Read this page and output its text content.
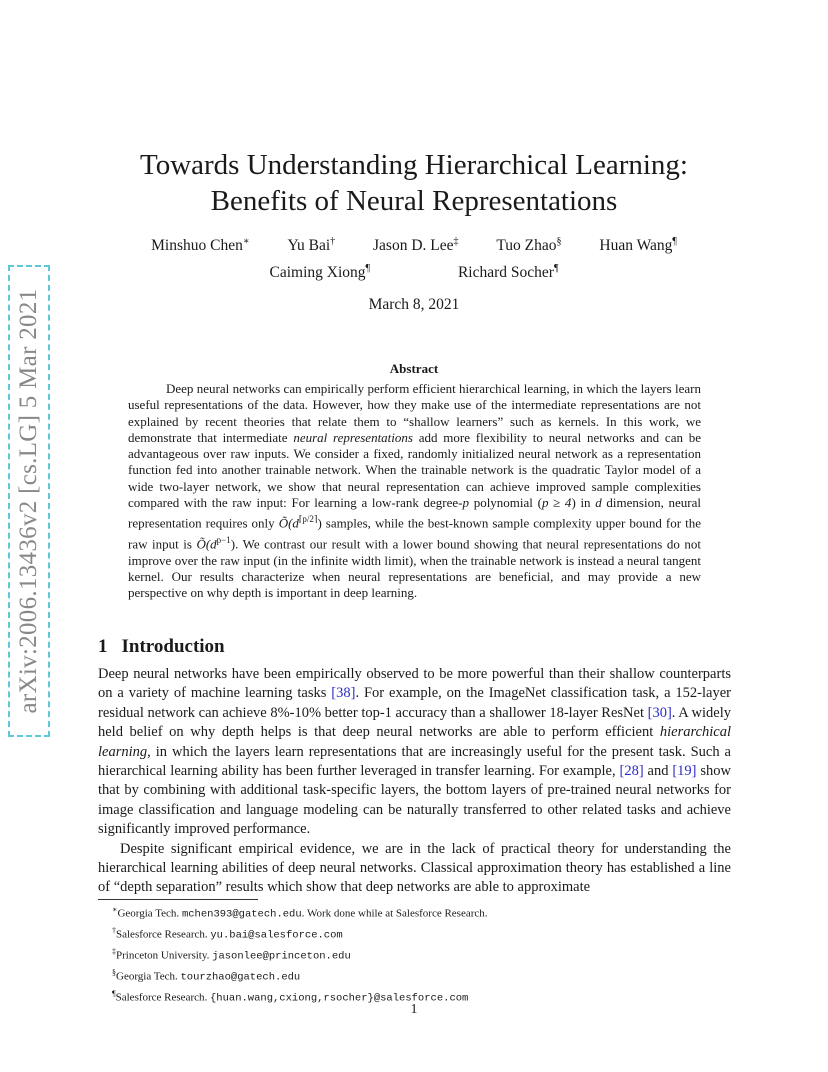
arXiv:2006.13436v2 [cs.LG] 5 Mar 2021
Towards Understanding Hierarchical Learning:
Benefits of Neural Representations
Minshuo Chen∗ Yu Bai† Jason D. Lee‡ Tuo Zhao§ Huan Wang¶
Caiming Xiong¶	Richard Socher¶
March 8, 2021
Abstract

Deep neural networks can empirically perform efficient hierarchical learning, in which the layers learn useful representations of the data. However, how they make use of the intermediate representations are not explained by recent theories that relate them to “shallow learners” such as kernels. In this work, we demonstrate that intermediate neural representations add more flexibility to neural networks and can be advantageous over raw inputs. We consider a fixed, randomly initialized neural network as a representation function fed into another trainable network. When the trainable network is the quadratic Taylor model of a wide two-layer network, we show that neural representation can achieve improved sample complexities compared with the raw input: For learning a low-rank degree-p polynomial (p ≥ 4) in d dimension, neural representation requires only $Õ(d^{⌈p/2⌉})$ samples, while the best-known sample complexity upper bound for the raw input is $Õ(d^{p-1})$. We contrast our result with a lower bound showing that neural representations do not improve over the raw input (in the infinite width limit), when the trainable network is instead a neural tangent kernel. Our results characterize when neural representations are beneficial, and may provide a new perspective on why depth is important in deep learning.

1 Introduction

Deep neural networks have been empirically observed to be more powerful than their shallow counterparts on a variety of machine learning tasks [38]. For example, on the ImageNet classification task, a 152-layer residual network can achieve 8%-10% better top-1 accuracy than a shallower 18-layer ResNet [30]. A widely held belief on why depth helps is that deep neural networks are able to perform efficient hierarchical learning, in which the layers learn representations that are increasingly useful for the present task. Such a hierarchical learning ability has been further leveraged in transfer learning. For example, [28] and [19] show that by combining with additional task-specific layers, the bottom layers of pre-trained neural networks for image classification and language modeling can be naturally transferred to other related tasks and achieve significantly improved performance.

Despite significant empirical evidence, we are in the lack of practical theory for understanding the hierarchical learning abilities of deep neural networks. Classical approximation theory has established a line of “depth separation” results which show that deep networks are able to approximate

∗Georgia Tech. mchen393@gatech.edu. Work done while at Salesforce Research.
†Salesforce Research. yu.bai@salesforce.com
‡Princeton University. jasonlee@princeton.edu
§Georgia Tech. tourzhao@gatech.edu
¶Salesforce Research. {huan.wang,cxiong,rsocher}@salesforce.com
1
